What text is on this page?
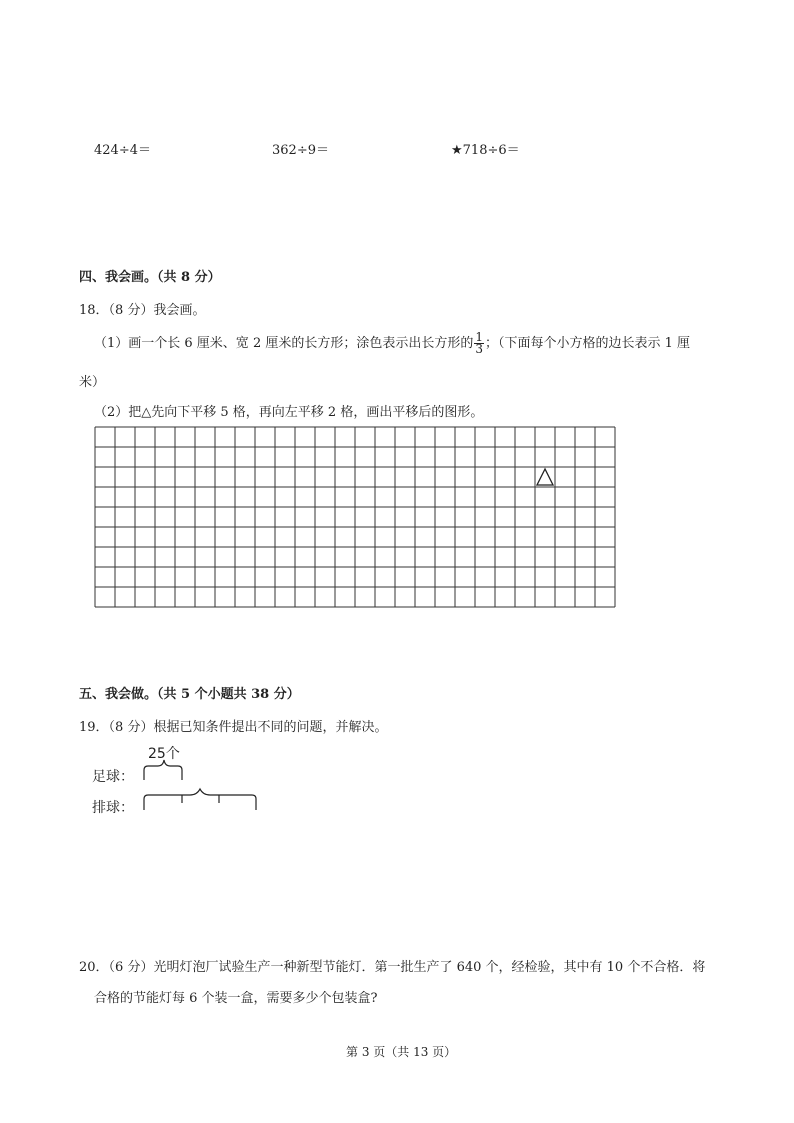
424÷4＝	362÷9＝	★718÷6＝
四、我会画。（共 8 分）
18．（8 分）我会画。
（1）画一个长 6 厘米、宽 2 厘米的长方形；涂色表示出长方形的 $\frac{1}{3}$ ；（下面每个小方格的边长表示 1 厘
米）
（2）把△先向下平移 5 格，再向左平移 2 格，画出平移后的图形。
五、我会做。（共 5 个小题共 38 分）
19．（8 分）根据已知条件提出不同的问题，并解决。
25个
足球：
排球：
20．（6 分）光明灯泡厂试验生产一种新型节能灯．第一批生产了 640 个，经检验，其中有 10 个不合格．将
合格的节能灯每 6 个装一盒，需要多少个包装盒?
第 3 页（共 13 页）
